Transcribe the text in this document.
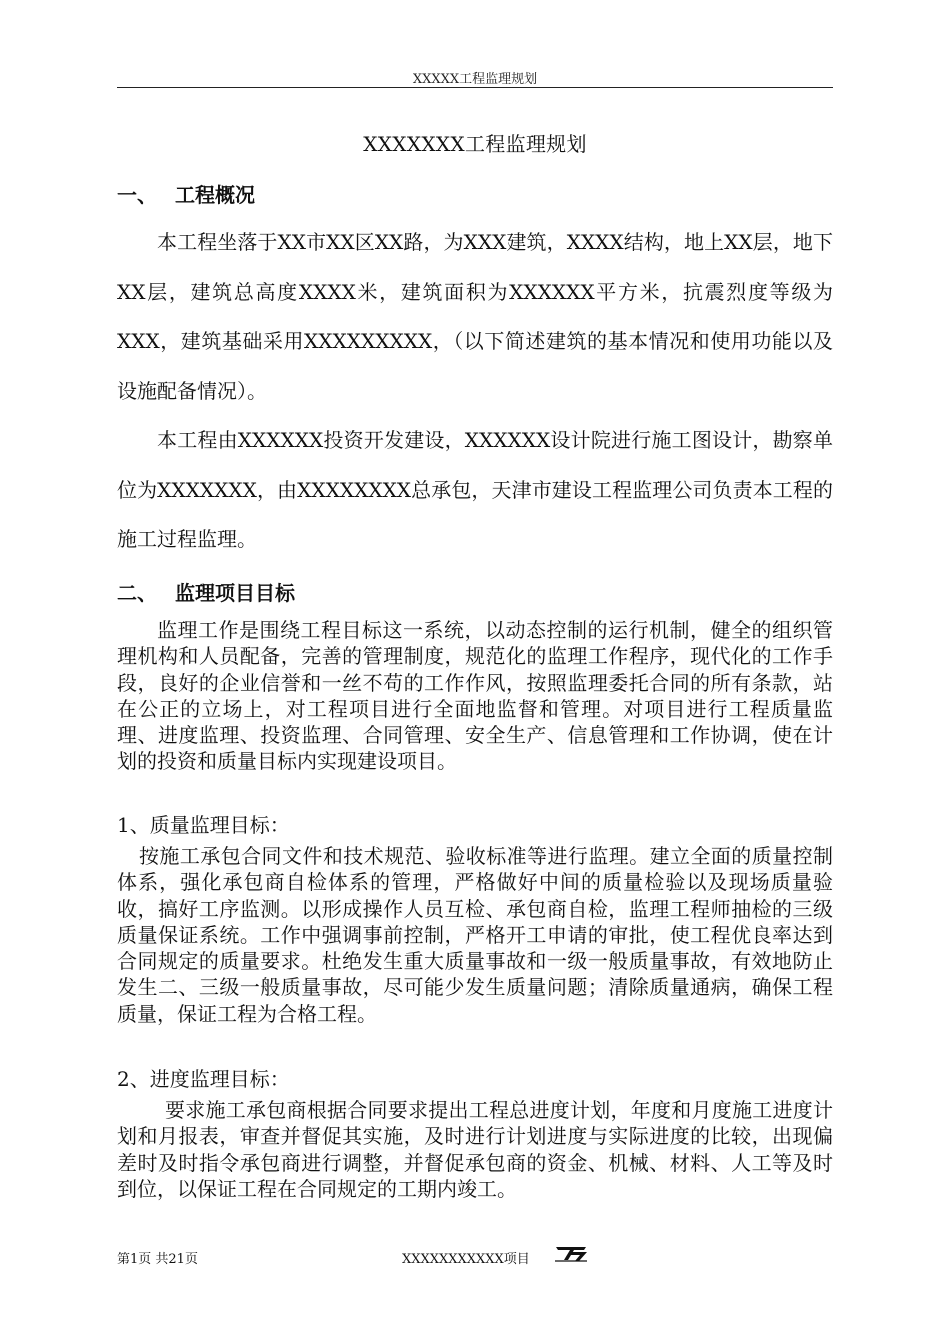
XXXXX工程监理规划
XXXXXXX工程监理规划
一、 工程概况
本工程坐落于XX市XX区XX路，为XXX建筑，XXXX结构，地上XX层，地下XX层，建筑总高度XXXX米，建筑面积为XXXXXX平方米，抗震烈度等级为XXX，建筑基础采用XXXXXXXXX，（以下简述建筑的基本情况和使用功能以及设施配备情况）。
本工程由XXXXXX投资开发建设，XXXXXX设计院进行施工图设计，勘察单位为XXXXXXX，由XXXXXXXX总承包，天津市建设工程监理公司负责本工程的施工过程监理。
二、 监理项目目标
监理工作是围绕工程目标这一系统，以动态控制的运行机制，健全的组织管理机构和人员配备，完善的管理制度，规范化的监理工作程序，现代化的工作手段，良好的企业信誉和一丝不苟的工作作风，按照监理委托合同的所有条款，站在公正的立场上，对工程项目进行全面地监督和管理。对项目进行工程质量监理、进度监理、投资监理、合同管理、安全生产、信息管理和工作协调，使在计划的投资和质量目标内实现建设项目。
1、质量监理目标：
按施工承包合同文件和技术规范、验收标准等进行监理。建立全面的质量控制体系，强化承包商自检体系的管理，严格做好中间的质量检验以及现场质量验收，搞好工序监测。以形成操作人员互检、承包商自检，监理工程师抽检的三级质量保证系统。工作中强调事前控制，严格开工申请的审批，使工程优良率达到合同规定的质量要求。杜绝发生重大质量事故和一级一般质量事故，有效地防止发生二、三级一般质量事故，尽可能少发生质量问题；清除质量通病，确保工程质量，保证工程为合格工程。
2、进度监理目标：
要求施工承包商根据合同要求提出工程总进度计划，年度和月度施工进度计划和月报表，审查并督促其实施，及时进行计划进度与实际进度的比较，出现偏差时及时指令承包商进行调整，并督促承包商的资金、机械、材料、人工等及时到位，以保证工程在合同规定的工期内竣工。
第1页 共21页	XXXXXXXXXXX项目
